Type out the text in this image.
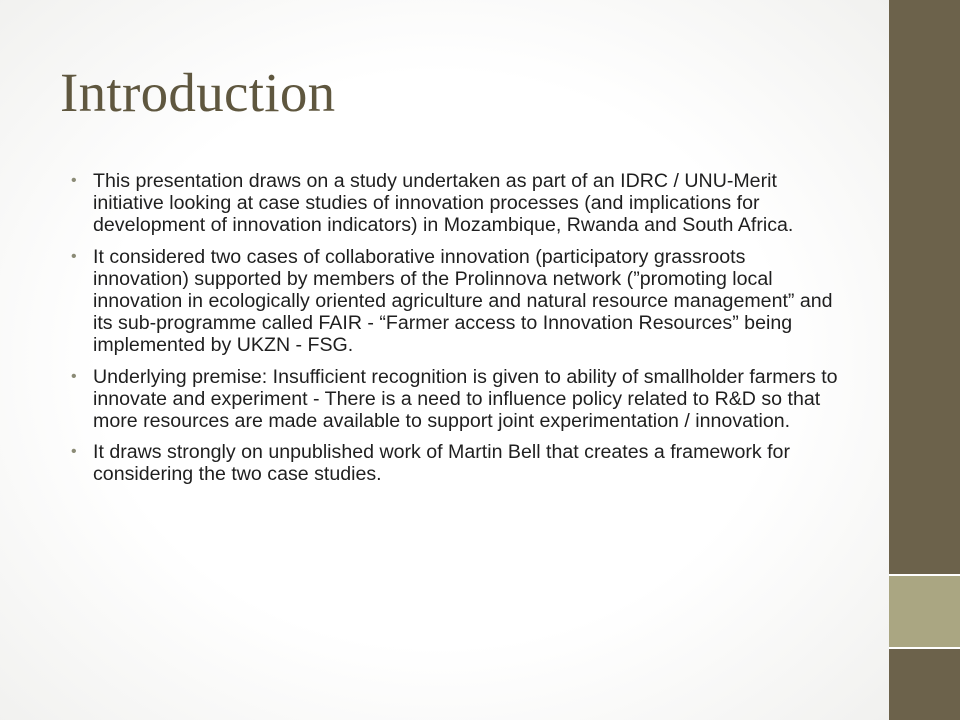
Introduction
• This presentation draws on a study undertaken as part of an IDRC / UNU-Merit initiative looking at case studies of innovation processes (and implications for development of innovation indicators) in Mozambique, Rwanda and South Africa.
• It considered two cases of collaborative innovation (participatory grassroots innovation) supported by members of the Prolinnova network (”promoting local innovation in ecologically oriented agriculture and natural resource management” and its sub-programme called FAIR - “Farmer access to Innovation Resources” being implemented by UKZN - FSG.
• Underlying premise: Insufficient recognition is given to ability of smallholder farmers to innovate and experiment - There is a need to influence policy related to R&D so that more resources are made available to support joint experimentation / innovation.
• It draws strongly on unpublished work of Martin Bell that creates a framework for considering the two case studies.
